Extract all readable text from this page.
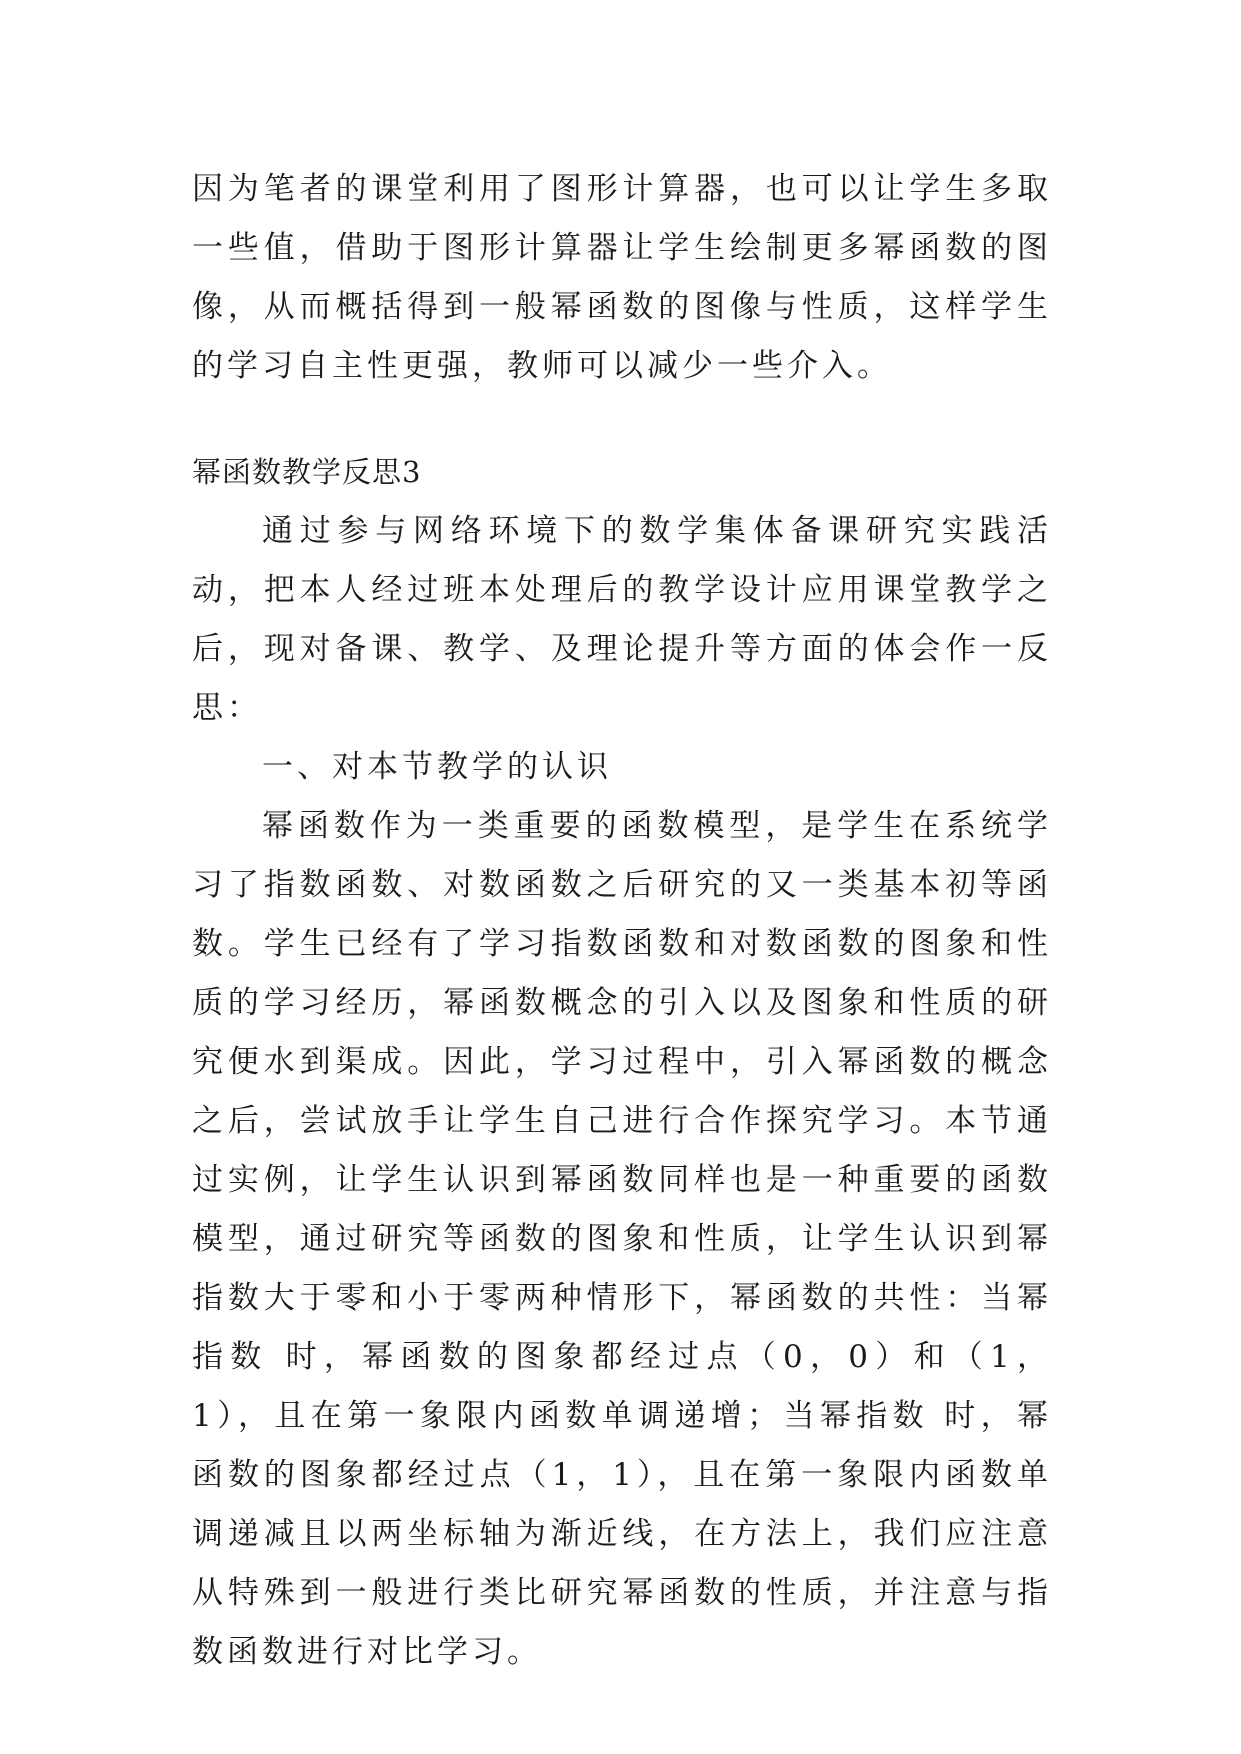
因为笔者的课堂利用了图形计算器，也可以让学生多取一些值，借助于图形计算器让学生绘制更多幂函数的图像，从而概括得到一般幂函数的图像与性质，这样学生的学习自主性更强，教师可以减少一些介入。

幂函数教学反思3

通过参与网络环境下的数学集体备课研究实践活动，把本人经过班本处理后的教学设计应用课堂教学之后，现对备课、教学、及理论提升等方面的体会作一反思：

一、对本节教学的认识

幂函数作为一类重要的函数模型，是学生在系统学习了指数函数、对数函数之后研究的又一类基本初等函数。学生已经有了学习指数函数和对数函数的图象和性质的学习经历，幂函数概念的引入以及图象和性质的研究便水到渠成。因此，学习过程中，引入幂函数的概念之后，尝试放手让学生自己进行合作探究学习。本节通过实例，让学生认识到幂函数同样也是一种重要的函数模型，通过研究等函数的图象和性质，让学生认识到幂指数大于零和小于零两种情形下，幂函数的共性：当幂指数 时，幂函数的图象都经过点（0，0）和（1，1），且在第一象限内函数单调递增；当幂指数 时，幂函数的图象都经过点（1，1），且在第一象限内函数单调递减且以两坐标轴为渐近线，在方法上，我们应注意从特殊到一般进行类比研究幂函数的性质，并注意与指数函数进行对比学习。
